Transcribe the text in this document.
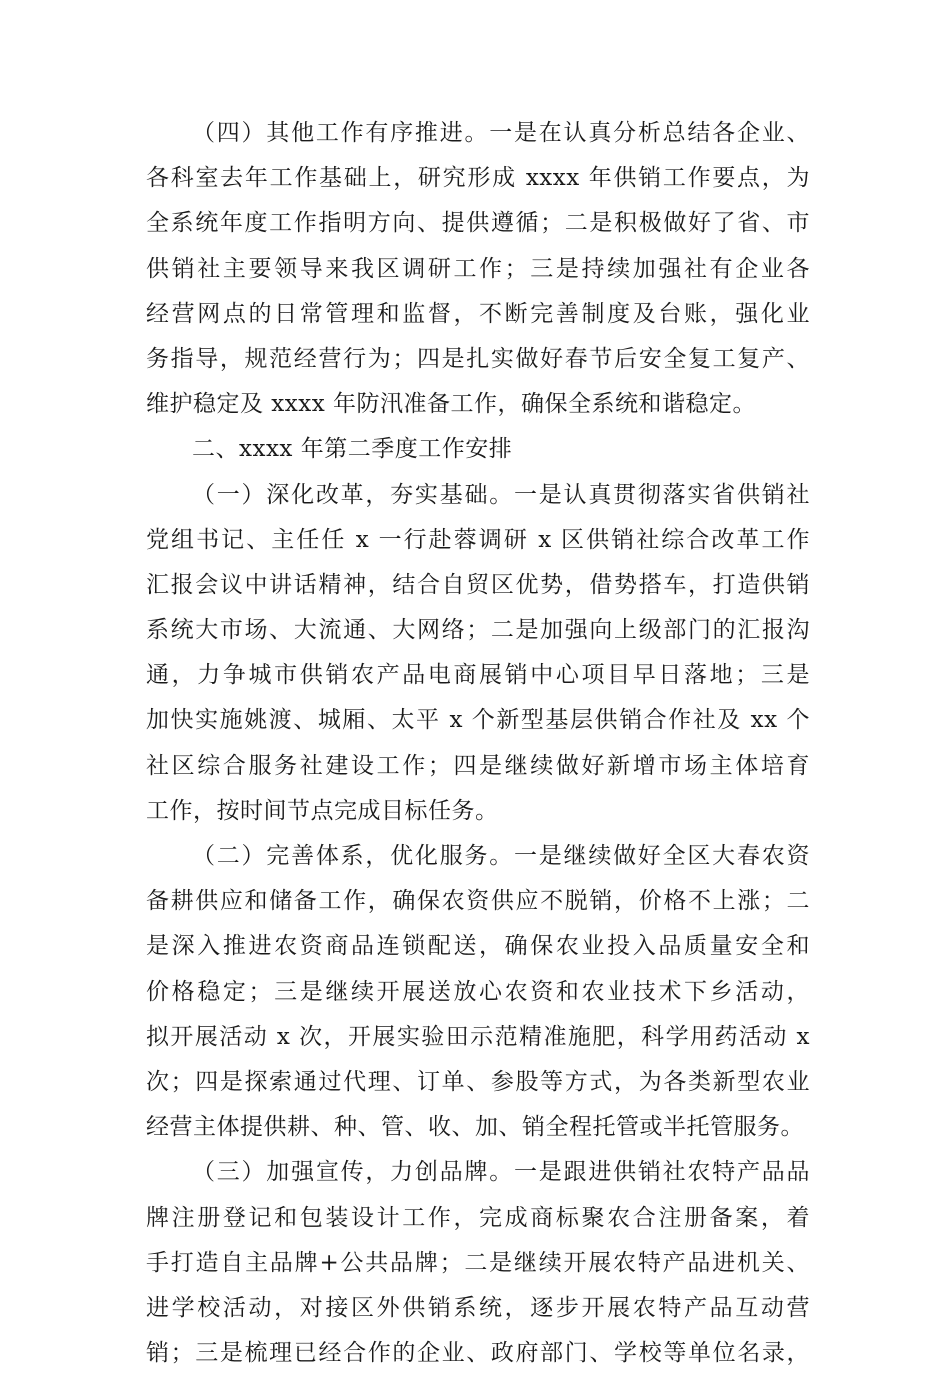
（四）其他工作有序推进。一是在认真分析总结各企业、
各科室去年工作基础上，研究形成 xxxx 年供销工作要点，为
全系统年度工作指明方向、提供遵循；二是积极做好了省、市
供销社主要领导来我区调研工作；三是持续加强社有企业各
经营网点的日常管理和监督，不断完善制度及台账，强化业
务指导，规范经营行为；四是扎实做好春节后安全复工复产、
维护稳定及 xxxx 年防汛准备工作，确保全系统和谐稳定。
二、xxxx 年第二季度工作安排
（一）深化改革，夯实基础。一是认真贯彻落实省供销社
党组书记、主任任 x 一行赴蓉调研 x 区供销社综合改革工作
汇报会议中讲话精神，结合自贸区优势，借势搭车，打造供销
系统大市场、大流通、大网络；二是加强向上级部门的汇报沟
通，力争城市供销农产品电商展销中心项目早日落地；三是
加快实施姚渡、城厢、太平 x 个新型基层供销合作社及 xx 个
社区综合服务社建设工作；四是继续做好新增市场主体培育
工作，按时间节点完成目标任务。
（二）完善体系，优化服务。一是继续做好全区大春农资
备耕供应和储备工作，确保农资供应不脱销，价格不上涨；二
是深入推进农资商品连锁配送，确保农业投入品质量安全和
价格稳定；三是继续开展送放心农资和农业技术下乡活动，
拟开展活动 x 次，开展实验田示范精准施肥，科学用药活动 x
次；四是探索通过代理、订单、参股等方式，为各类新型农业
经营主体提供耕、种、管、收、加、销全程托管或半托管服务。
（三）加强宣传，力创品牌。一是跟进供销社农特产品品
牌注册登记和包装设计工作，完成商标聚农合注册备案，着
手打造自主品牌+公共品牌；二是继续开展农特产品进机关、
进学校活动，对接区外供销系统，逐步开展农特产品互动营
销；三是梳理已经合作的企业、政府部门、学校等单位名录，
